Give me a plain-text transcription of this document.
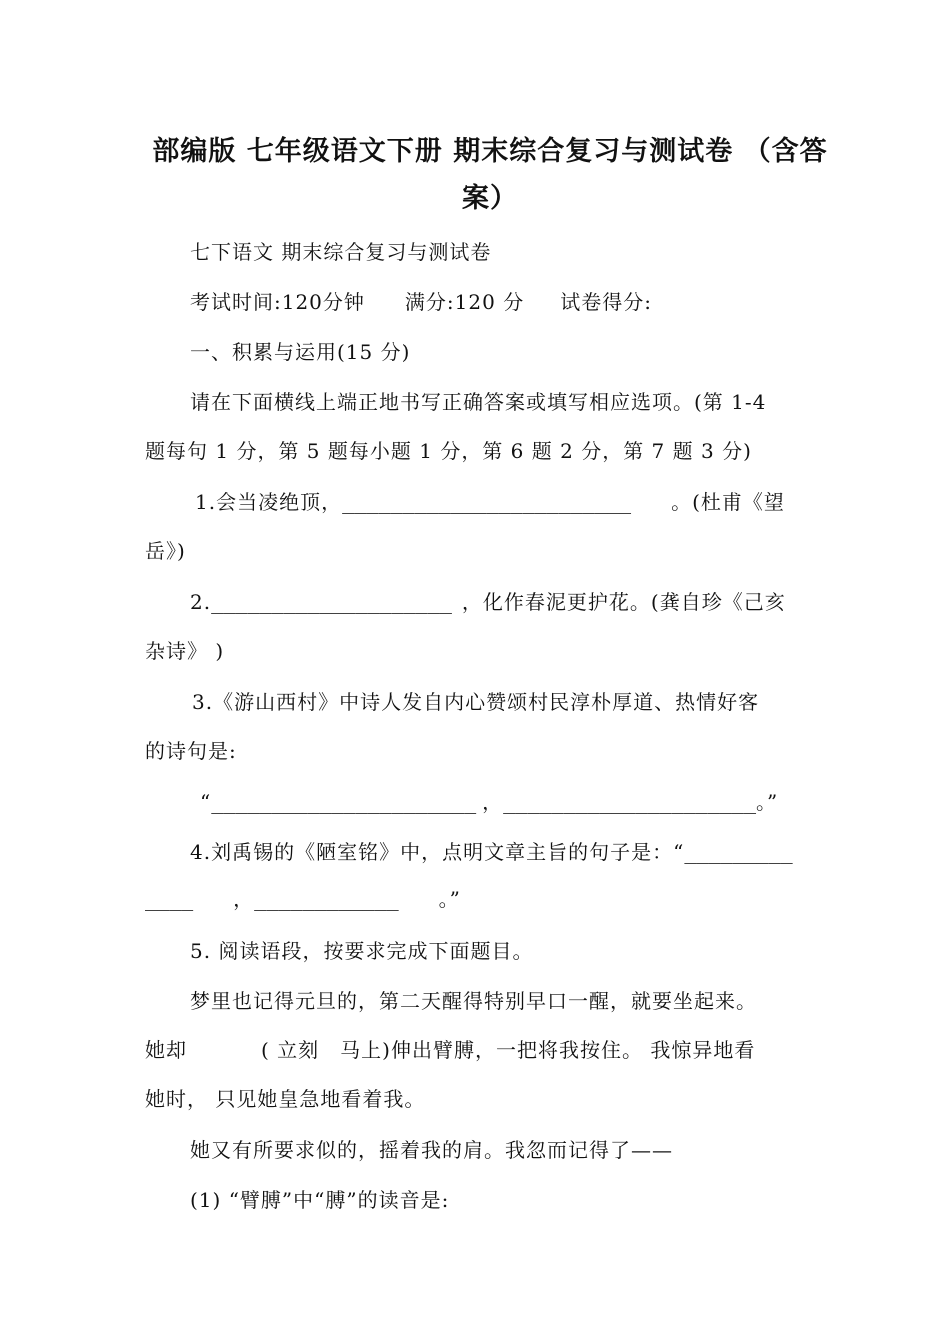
部编版 七年级语文下册 期末综合复习与测试卷 （含答案）
七下语文 期末综合复习与测试卷
考试时间:120分钟 满分:120 分 试卷得分:
一、积累与运用(15 分)
请在下面横线上端正地书写正确答案或填写相应选项。(第 1-4
题每句 1 分，第 5 题每小题 1 分，第 6 题 2 分，第 7 题 3 分)
1.会当凌绝顶，________________________ 。(杜甫《望
岳》)
2.____________________ ，化作春泥更护花。(龚自珍《己亥
杂诗》 )
3.《游山西村》中诗人发自内心赞颂村民淳朴厚道、热情好客
的诗句是:
“______________________ ，_____________________。”
4.刘禹锡的《陋室铭》中，点明文章主旨的句子是：“_________
____ ，____________ 。”
5. 阅读语段，按要求完成下面题目。
梦里也记得元旦的，第二天醒得特别早口一醒，就要坐起来。
她却	( 立刻　马上)伸出臂膊，一把将我按住。 我惊异地看
她时， 只见她皇急地看着我。
她又有所要求似的，摇着我的肩。我忽而记得了——
(1) “臂膊”中“膊”的读音是:
